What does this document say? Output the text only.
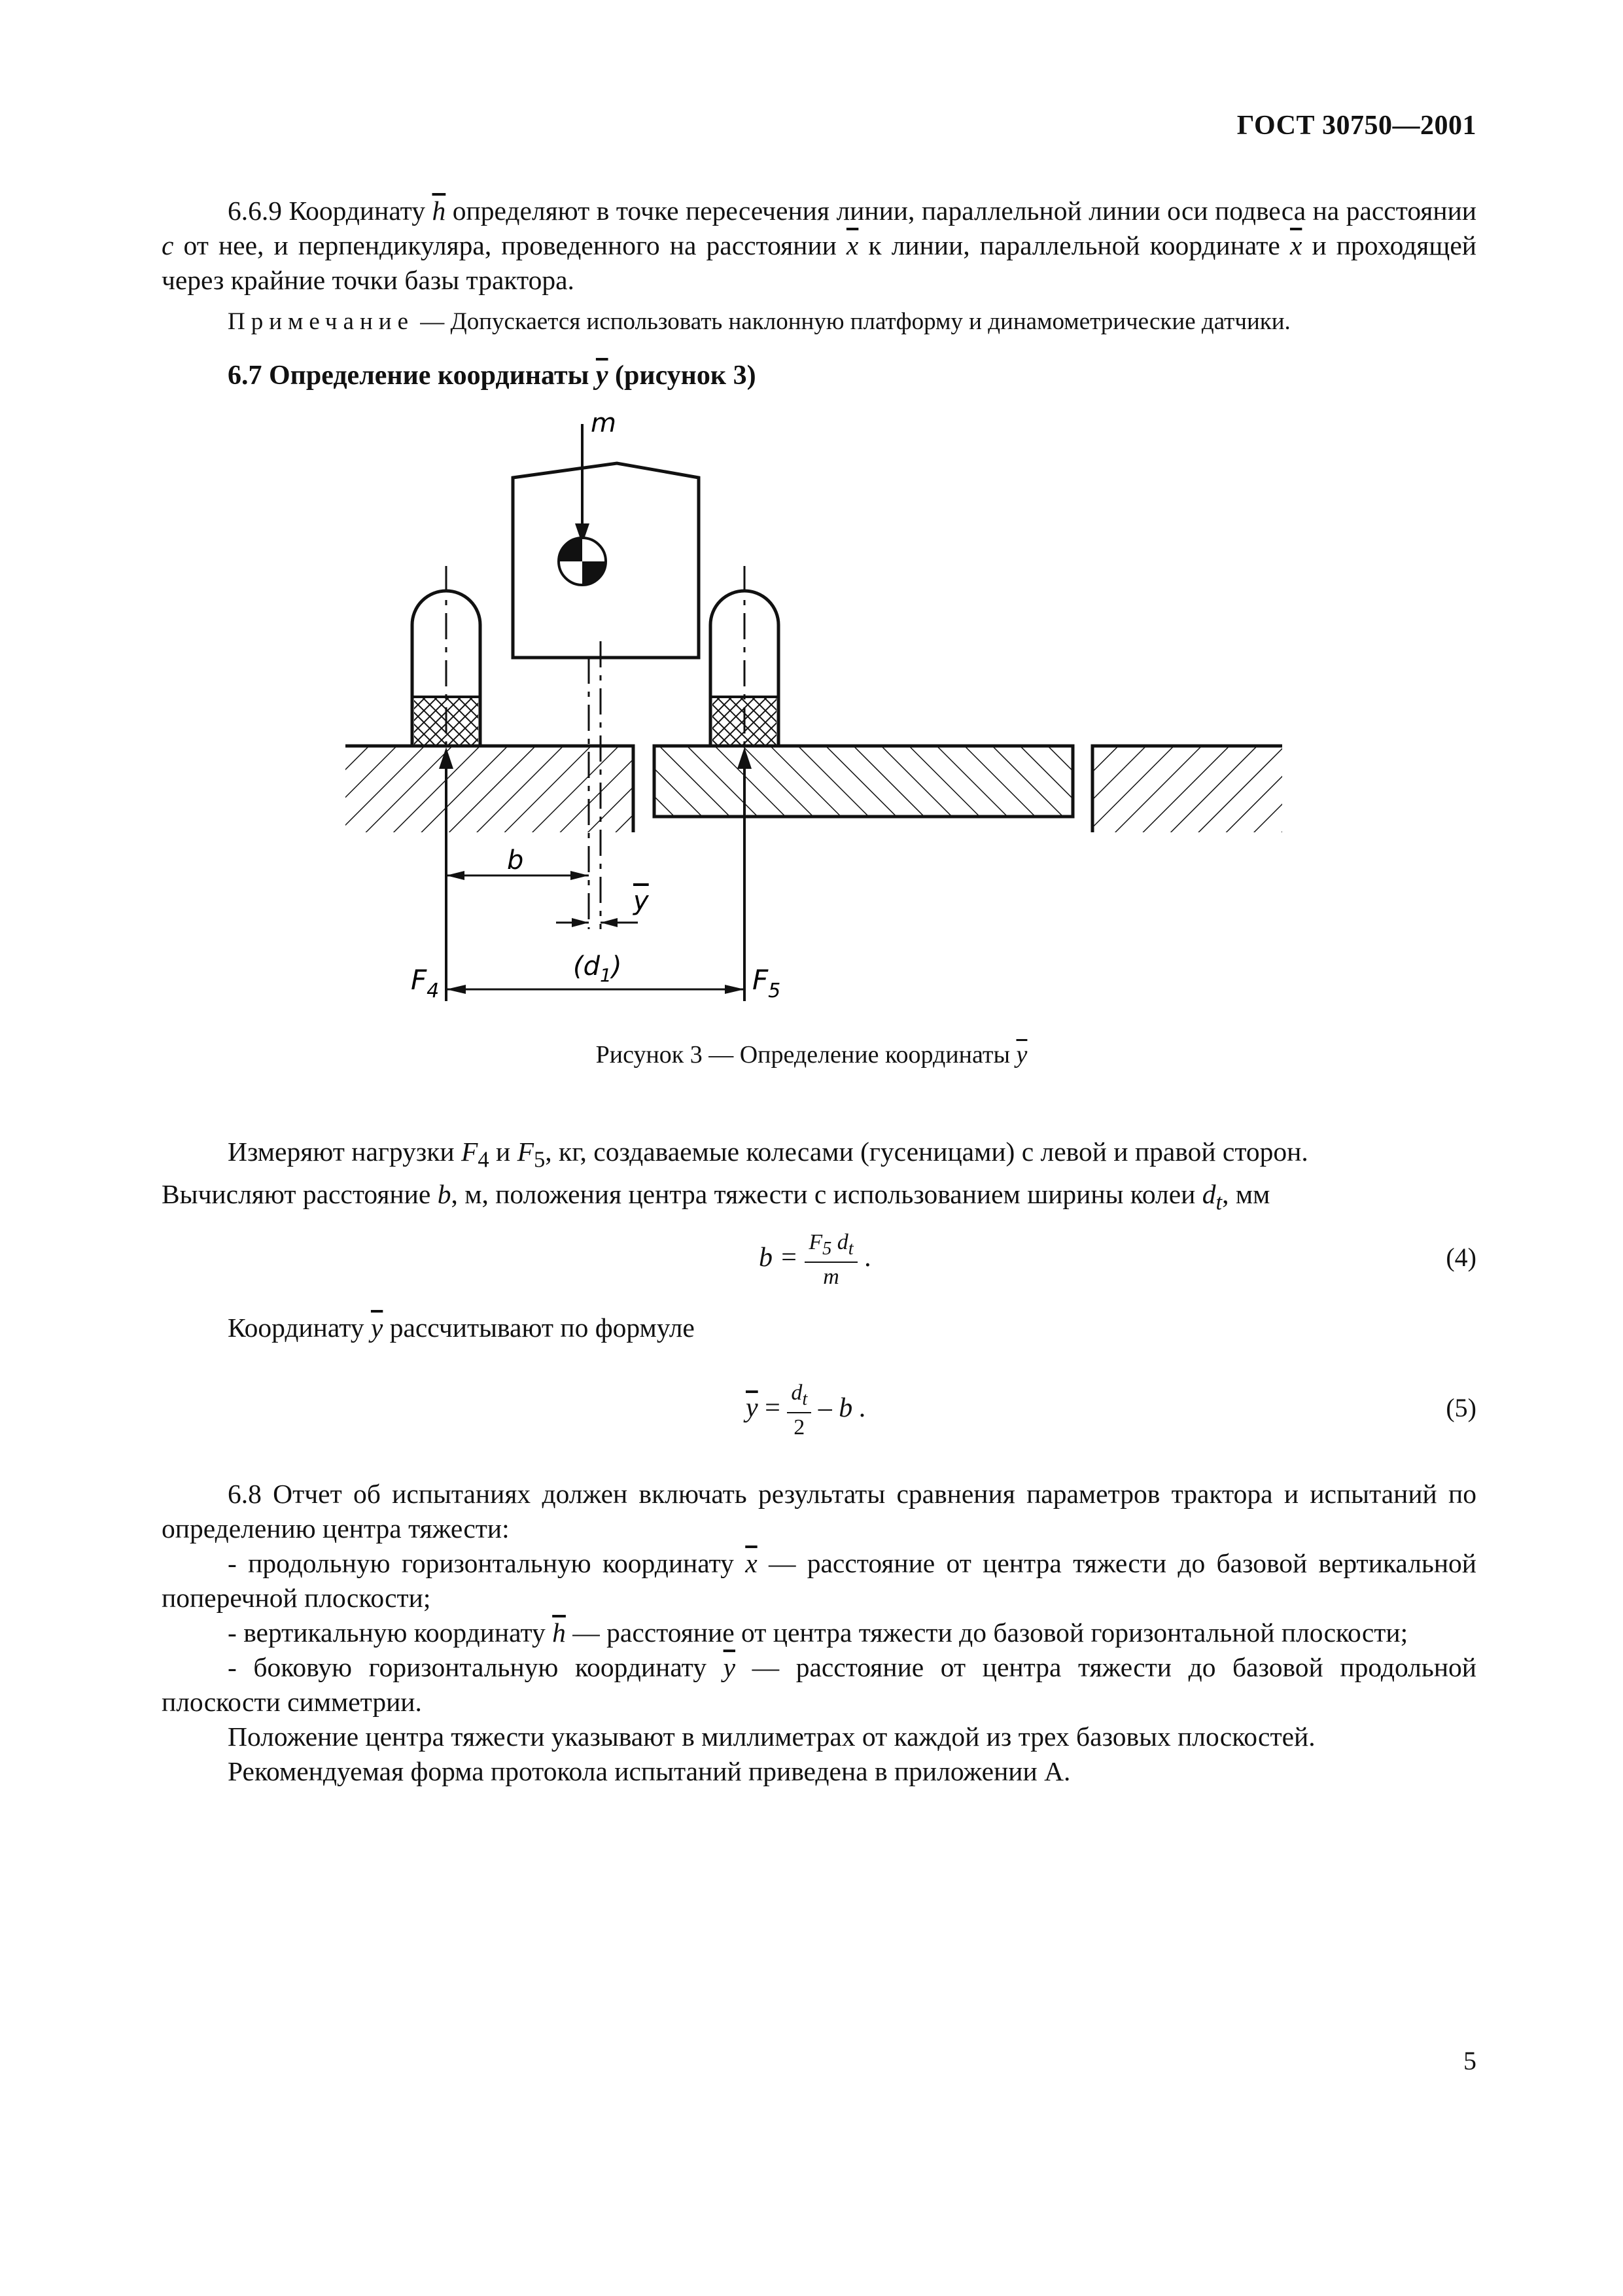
ГОСТ 30750—2001

6.6.9 Координату $\overline{h}$ определяют в точке пересечения линии, параллельной линии оси подвеса на расстоянии c от нее, и перпендикуляра, проведенного на расстоянии $\overline{x}$ к линии, параллельной координате $\overline{x}$ и проходящей через крайние точки базы трактора.

Примечание — Допускается использовать наклонную платформу и динамометрические датчики.
6.7 Определение координаты $\overline{y}$ (рисунок 3)
m
b
y
$(d_1)$
$F_4$	$F_5$
Рисунок 3 — Определение координаты $\overline{y}$

Измеряют нагрузки $F_4$ и $F_5$, кг, создаваемые колесами (гусеницами) с левой и правой сторон.
Вычисляют расстояние b, м, положения центра тяжести с использованием ширины колеи $d_t$, мм

$b = \frac{F_5 d_t}{m}$ .	(4)
Координату $\overline{y}$ рассчитывают по формуле
$\overline{y} = \frac{d_t}{2} - b$ .	(5)
6.8 Отчет об испытаниях должен включать результаты сравнения параметров трактора и испытаний по определению центра тяжести:
- продольную горизонтальную координату $\overline{x}$ — расстояние от центра тяжести до базовой вертикальной поперечной плоскости;
- вертикальную координату $\overline{h}$ — расстояние от центра тяжести до базовой горизонтальной плоскости;
- боковую горизонтальную координату $\overline{y}$ — расстояние от центра тяжести до базовой продольной плоскости симметрии.
Положение центра тяжести указывают в миллиметрах от каждой из трех базовых плоскостей.
Рекомендуемая форма протокола испытаний приведена в приложении А.
5
